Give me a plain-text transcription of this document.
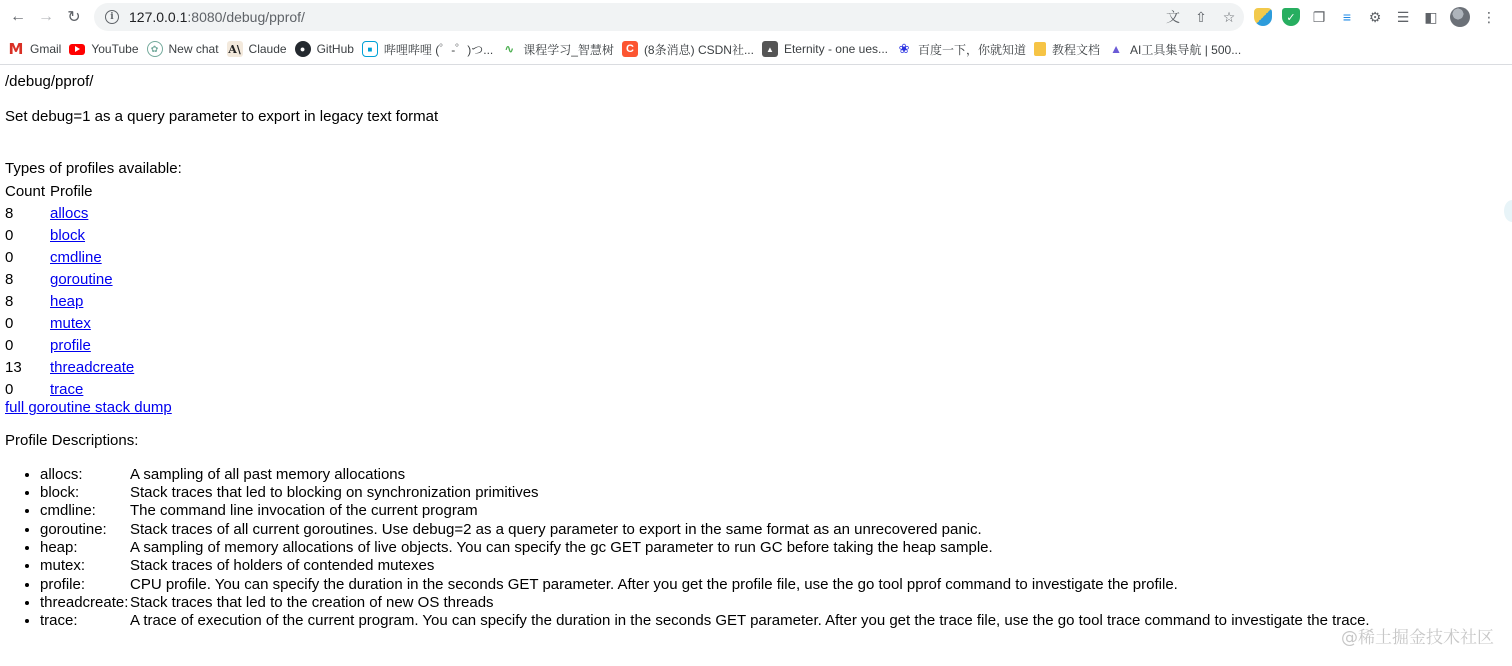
← → ↻	i	127.0.0.1:8080/debug/pprof/	文 ⇧ ☆	✓	❐	≡	⚙ ☰ ◧	⋮
M Gmail	YouTube	✿ New chat A\ Claude	● GitHub	■ 哔哩哔哩 (゜-゜)つ... ∿ 课程学习_智慧树	C (8条消息) CSDN社...	▲ Eternity - one ues... ❀ 百度一下，你就知道 教程文档 ▲ AI工具集导航 | 500...
/debug/pprof/
Set debug=1 as a query parameter to export in legacy text format
Types of profiles available:
Count	Profile
8	allocs
0	block
0	cmdline
8	goroutine
8	heap
0	mutex
0	profile
13	threadcreate
0	trace
full goroutine stack dump
Profile Descriptions:
• allocs:	A sampling of all past memory allocations
• block:	Stack traces that led to blocking on synchronization primitives
• cmdline: The command line invocation of the current program
• goroutine: Stack traces of all current goroutines. Use debug=2 as a query parameter to export in the same format as an unrecovered panic.
• heap:	A sampling of memory allocations of live objects. You can specify the gc GET parameter to run GC before taking the heap sample.
• mutex:	Stack traces of holders of contended mutexes
• profile:	CPU profile. You can specify the duration in the seconds GET parameter. After you get the profile file, use the go tool pprof command to investigate the profile.
• threadcreate: Stack traces that led to the creation of new OS threads
• trace:	A trace of execution of the current program. You can specify the duration in the seconds GET parameter. After you get the trace file, use the go tool trace command to investigate the trace.
@稀土掘金技术社区
